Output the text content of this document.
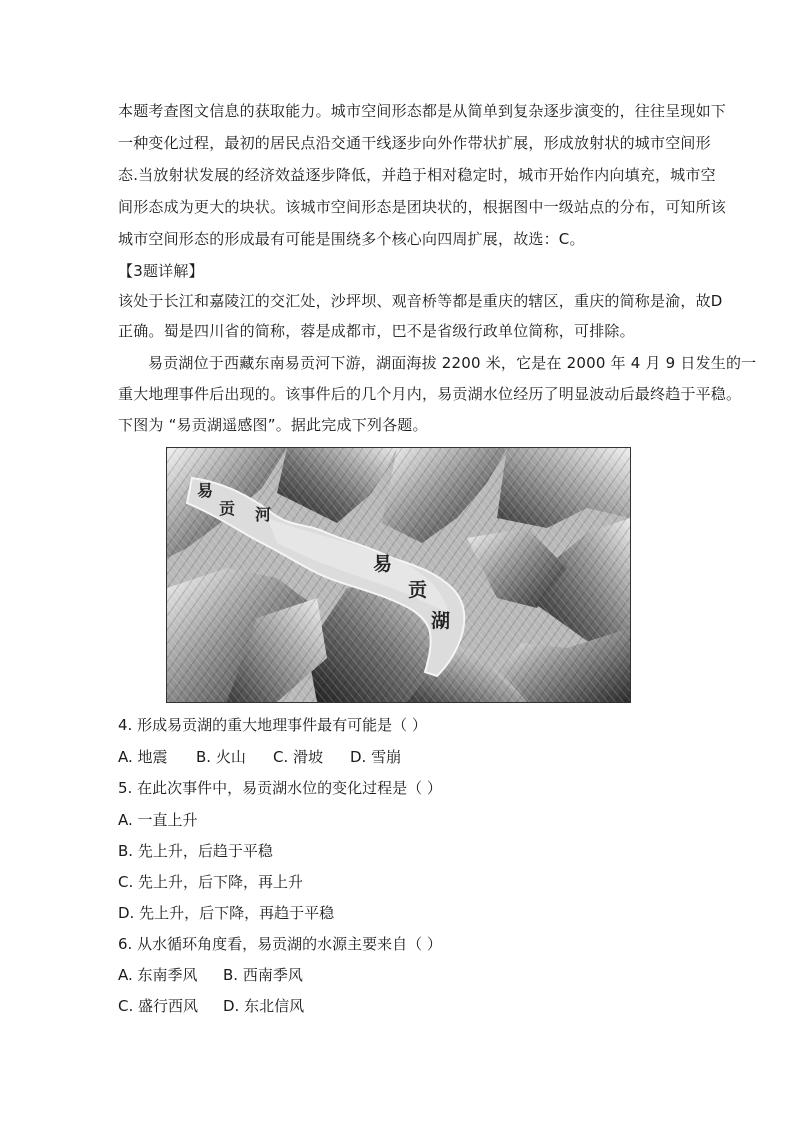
本题考查图文信息的获取能力。城市空间形态都是从简单到复杂逐步演变的，往往呈现如下
一种变化过程，最初的居民点沿交通干线逐步向外作带状扩展，形成放射状的城市空间形
态.当放射状发展的经济效益逐步降低，并趋于相对稳定时，城市开始作内向填充，城市空
间形态成为更大的块状。该城市空间形态是团块状的，根据图中一级站点的分布，可知所该
城市空间形态的形成最有可能是围绕多个核心向四周扩展，故选：C。
【3题详解】
该处于长江和嘉陵江的交汇处，沙坪坝、观音桥等都是重庆的辖区，重庆的简称是渝，故D
正确。蜀是四川省的简称，蓉是成都市，巴不是省级行政单位简称，可排除。
易贡湖位于西藏东南易贡河下游，湖面海拔 2200 米，它是在 2000 年 4 月 9 日发生的一
重大地理事件后出现的。该事件后的几个月内，易贡湖水位经历了明显波动后最终趋于平稳。
下图为 “易贡湖遥感图”。据此完成下列各题。
易
贡 河
易
贡
湖
4. 形成易贡湖的重大地理事件最有可能是（ ）
A. 地震 B. 火山 C. 滑坡 D. 雪崩
5. 在此次事件中，易贡湖水位的变化过程是（ ）
A. 一直上升
B. 先上升，后趋于平稳
C. 先上升，后下降，再上升
D. 先上升，后下降，再趋于平稳
6. 从水循环角度看，易贡湖的水源主要来自（ ）
A. 东南季风 B. 西南季风
C. 盛行西风 D. 东北信风
